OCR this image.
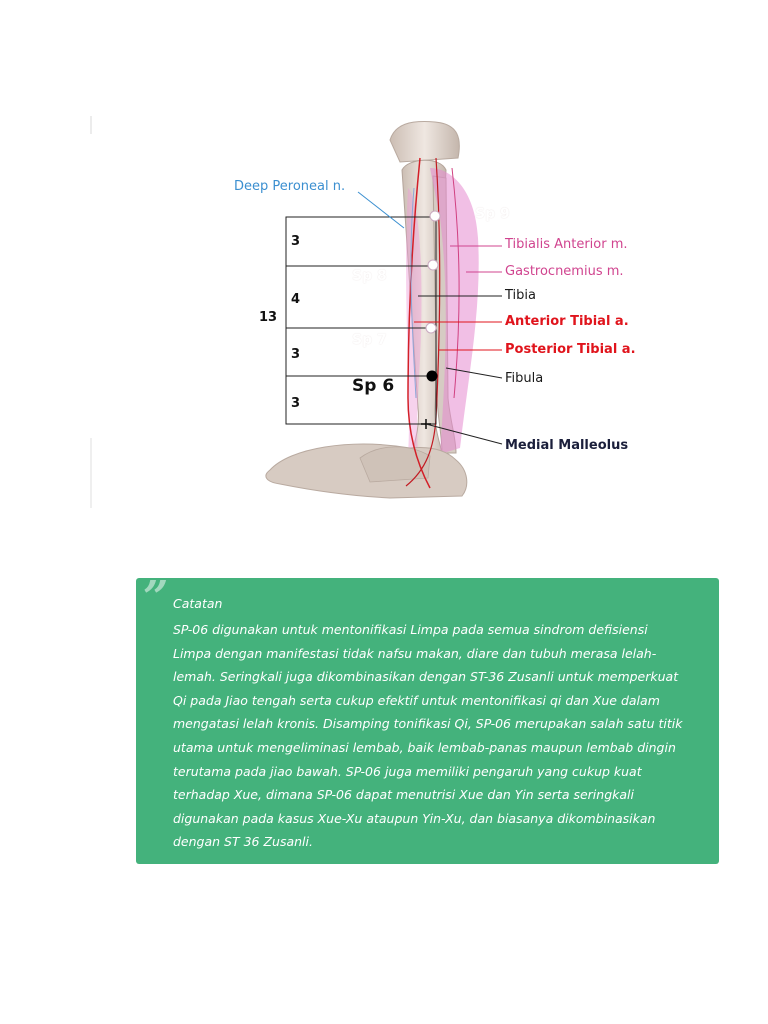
Deep Peroneal n.
Tibialis Anterior m.
Gastrocnemius m.
Tibia
Anterior Tibial a.
Posterior Tibial a.
Fibula
Medial Malleolus
13
3
4
3
3
Sp 9
Sp 8
Sp 7
Sp 6
” Catatan

SP-06 digunakan untuk mentonifikasi Limpa pada semua sindrom defisiensi Limpa dengan manifestasi tidak nafsu makan, diare dan tubuh merasa lelah-lemah. Seringkali juga dikombinasikan dengan ST-36 Zusanli untuk memperkuat Qi pada Jiao tengah serta cukup efektif untuk mentonifikasi qi dan Xue dalam mengatasi lelah kronis. Disamping tonifikasi Qi, SP-06 merupakan salah satu titik utama untuk mengeliminasi lembab, baik lembab-panas maupun lembab dingin terutama pada jiao bawah. SP-06 juga memiliki pengaruh yang cukup kuat terhadap Xue, dimana SP-06 dapat menutrisi Xue dan Yin serta seringkali digunakan pada kasus Xue-Xu ataupun Yin-Xu, dan biasanya dikombinasikan dengan ST 36 Zusanli.
